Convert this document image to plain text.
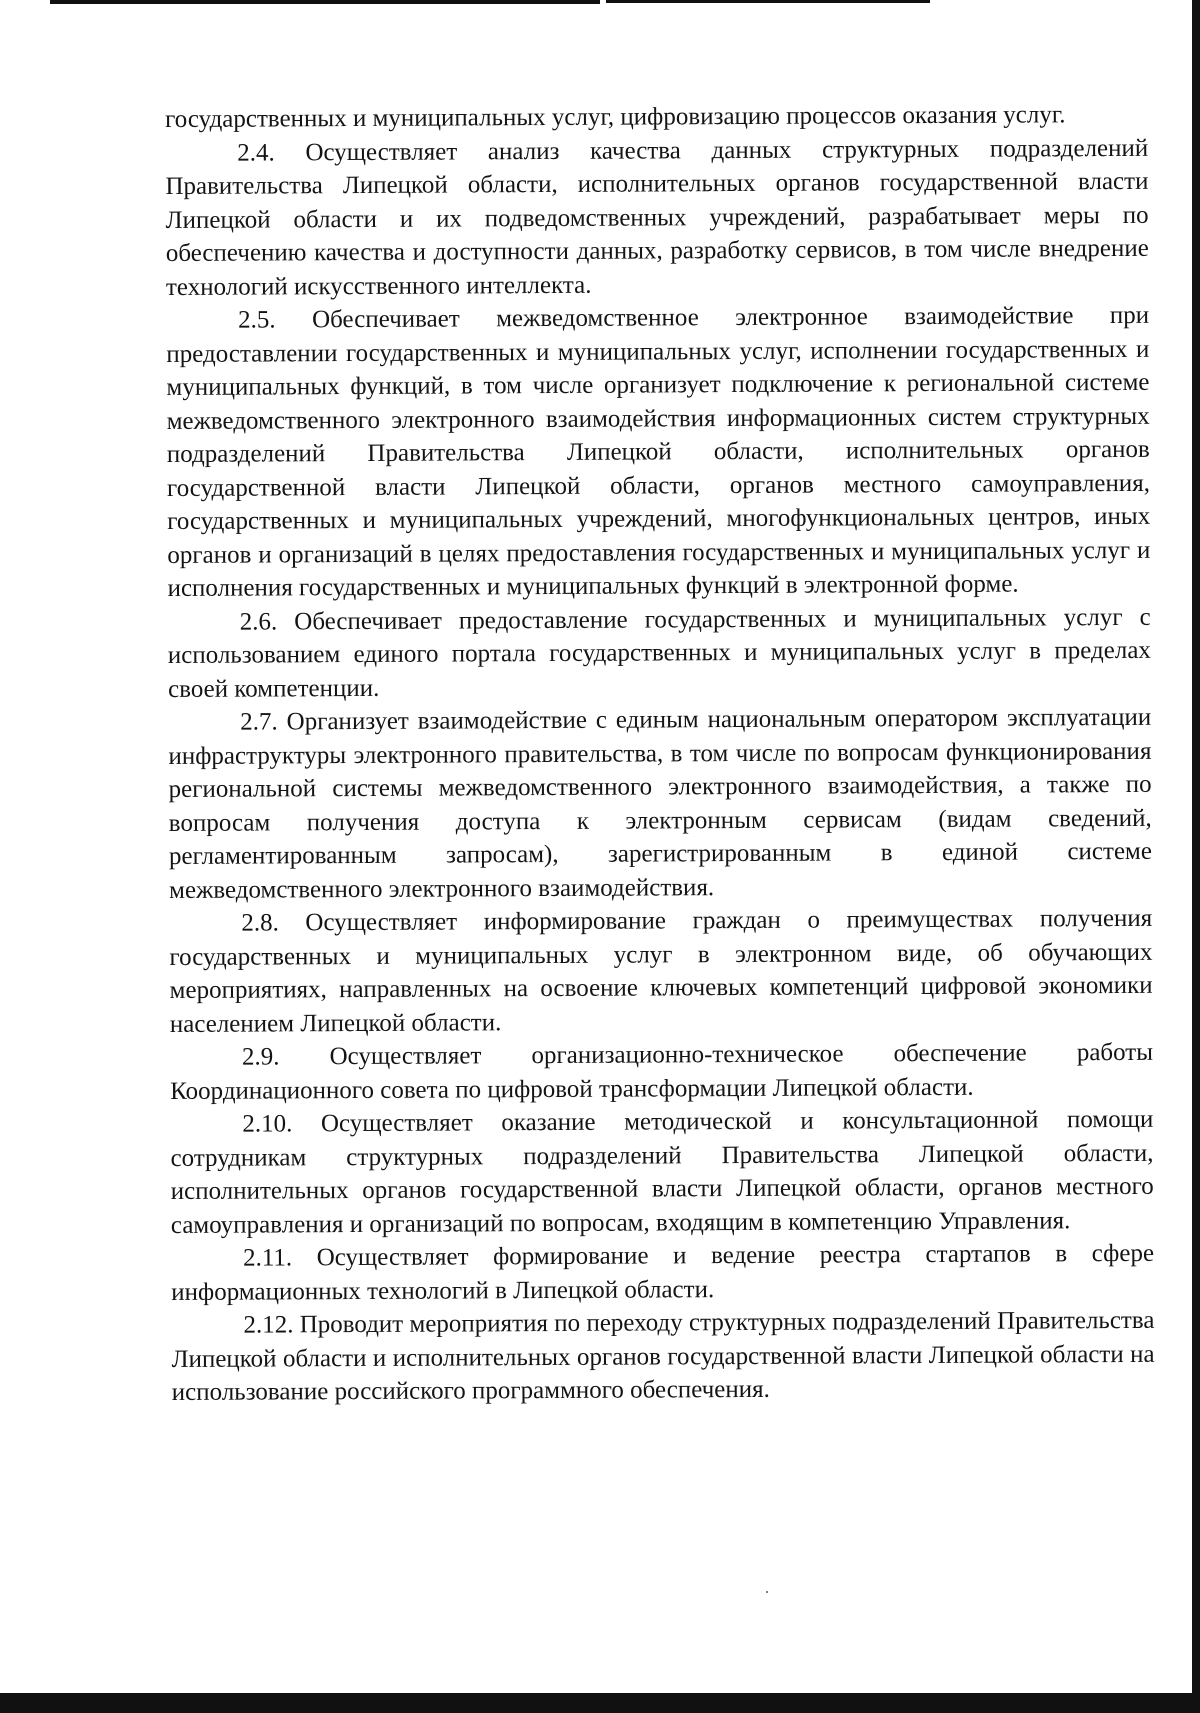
государственных и муниципальных услуг, цифровизацию процессов оказания услуг.

2.4. Осуществляет анализ качества данных структурных подразделений Правительства Липецкой области, исполнительных органов государственной власти Липецкой области и их подведомственных учреждений, разрабатывает меры по обеспечению качества и доступности данных, разработку сервисов, в том числе внедрение технологий искусственного интеллекта.

2.5. Обеспечивает межведомственное электронное взаимодействие при предоставлении государственных и муниципальных услуг, исполнении государственных и муниципальных функций, в том числе организует подключение к региональной системе межведомственного электронного взаимодействия информационных систем структурных подразделений Правительства Липецкой области, исполнительных органов государственной власти Липецкой области, органов местного самоуправления, государственных и муниципальных учреждений, многофункциональных центров, иных органов и организаций в целях предоставления государственных и муниципальных услуг и исполнения государственных и муниципальных функций в электронной форме.

2.6. Обеспечивает предоставление государственных и муниципальных услуг с использованием единого портала государственных и муниципальных услуг в пределах своей компетенции.

2.7. Организует взаимодействие с единым национальным оператором эксплуатации инфраструктуры электронного правительства, в том числе по вопросам функционирования региональной системы межведомственного электронного взаимодействия, а также по вопросам получения доступа к электронным сервисам (видам сведений, регламентированным запросам), зарегистрированным в единой системе межведомственного электронного взаимодействия.

2.8. Осуществляет информирование граждан о преимуществах получения государственных и муниципальных услуг в электронном виде, об обучающих мероприятиях, направленных на освоение ключевых компетенций цифровой экономики населением Липецкой области.

2.9. Осуществляет организационно-техническое обеспечение работы Координационного совета по цифровой трансформации Липецкой области.

2.10. Осуществляет оказание методической и консультационной помощи сотрудникам структурных подразделений Правительства Липецкой области, исполнительных органов государственной власти Липецкой области, органов местного самоуправления и организаций по вопросам, входящим в компетенцию Управления.

2.11. Осуществляет формирование и ведение реестра стартапов в сфере информационных технологий в Липецкой области.

2.12. Проводит мероприятия по переходу структурных подразделений Правительства Липецкой области и исполнительных органов государственной власти Липецкой области на использование российского программного обеспечения.
